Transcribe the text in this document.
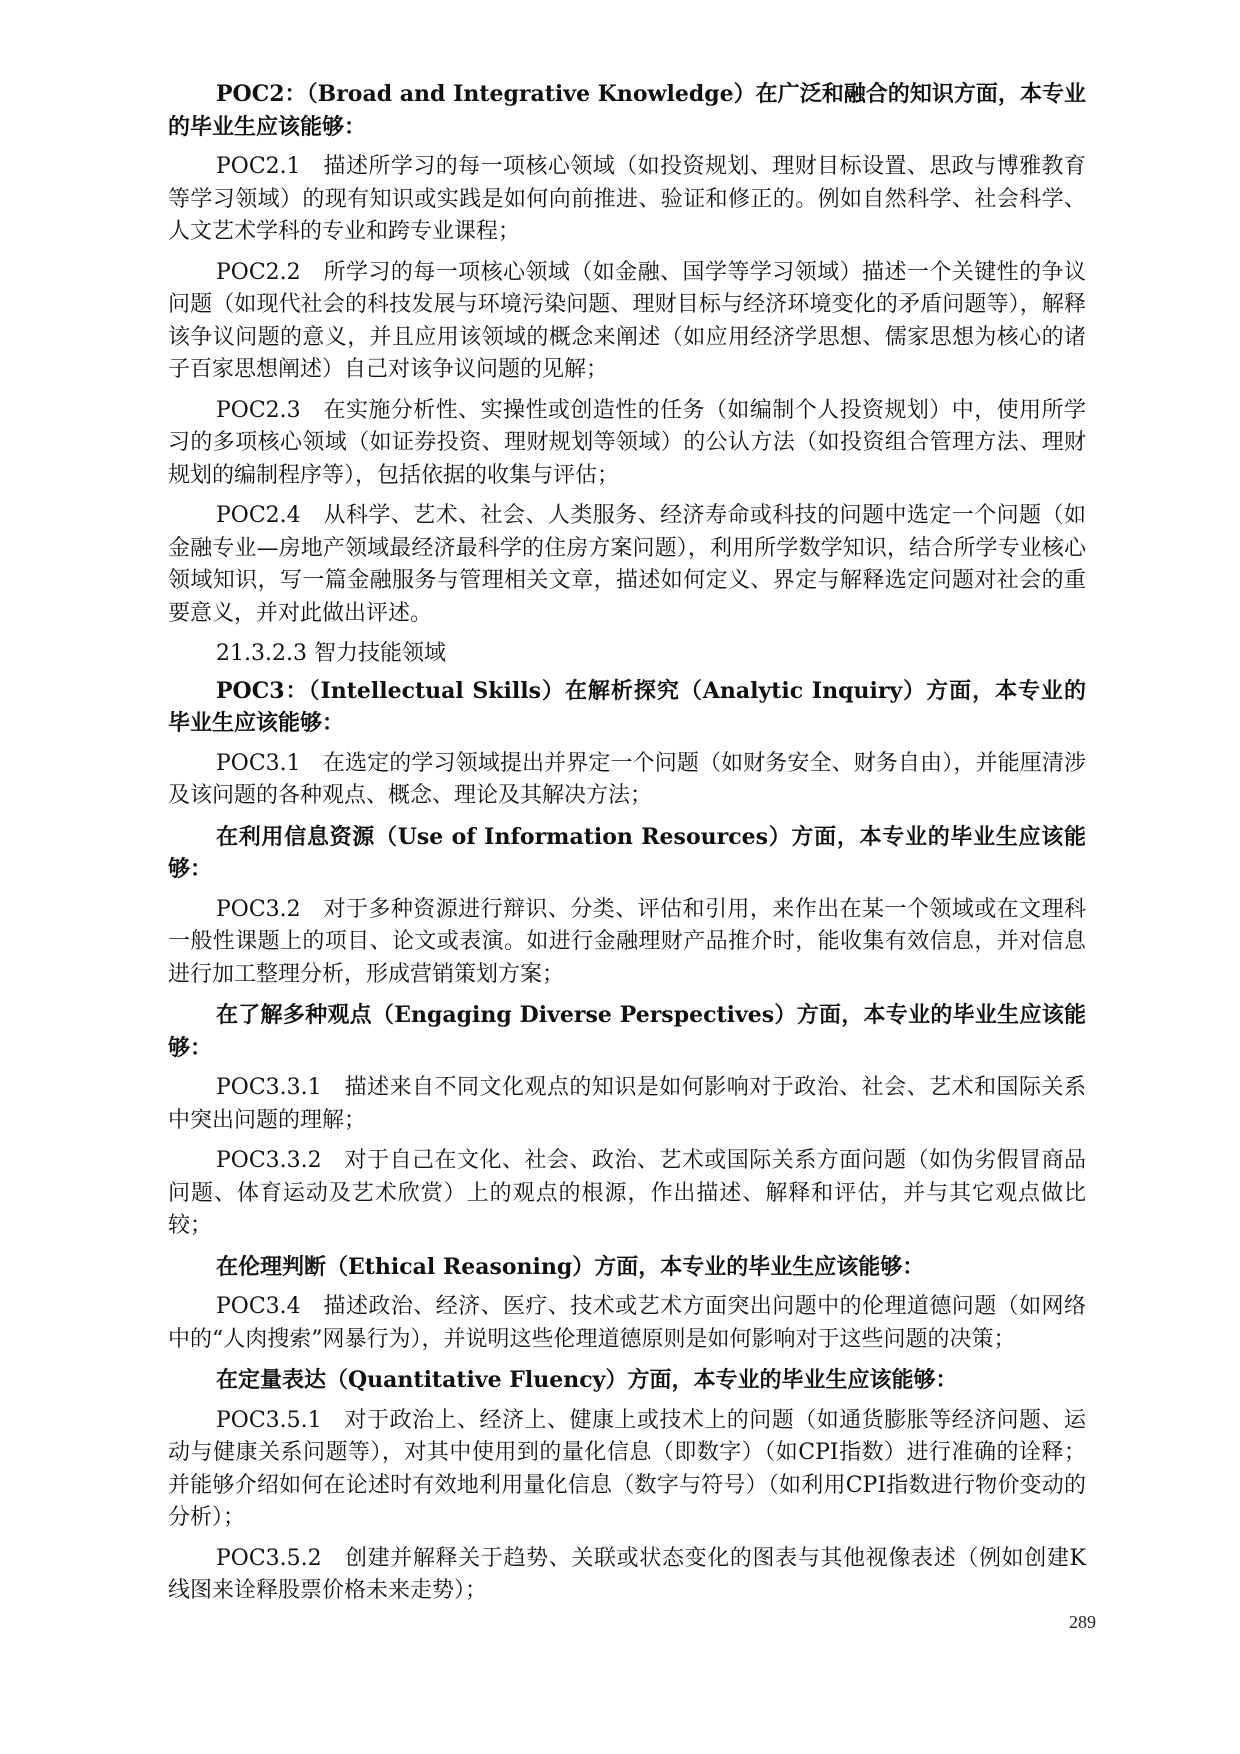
POC2：（Broad and Integrative Knowledge）在广泛和融合的知识方面，本专业的毕业生应该能够：

POC2.1　描述所学习的每一项核心领域（如投资规划、理财目标设置、思政与博雅教育等学习领域）的现有知识或实践是如何向前推进、验证和修正的。例如自然科学、社会科学、人文艺术学科的专业和跨专业课程；

POC2.2　所学习的每一项核心领域（如金融、国学等学习领域）描述一个关键性的争议问题（如现代社会的科技发展与环境污染问题、理财目标与经济环境变化的矛盾问题等），解释该争议问题的意义，并且应用该领域的概念来阐述（如应用经济学思想、儒家思想为核心的诸子百家思想阐述）自己对该争议问题的见解；

POC2.3　在实施分析性、实操性或创造性的任务（如编制个人投资规划）中，使用所学习的多项核心领域（如证券投资、理财规划等领域）的公认方法（如投资组合管理方法、理财规划的编制程序等），包括依据的收集与评估；

POC2.4　从科学、艺术、社会、人类服务、经济寿命或科技的问题中选定一个问题（如金融专业—房地产领域最经济最科学的住房方案问题），利用所学数学知识，结合所学专业核心领域知识，写一篇金融服务与管理相关文章，描述如何定义、界定与解释选定问题对社会的重要意义，并对此做出评述。

21.3.2.3 智力技能领域

POC3：（Intellectual Skills）在解析探究（Analytic Inquiry）方面，本专业的毕业生应该能够：

POC3.1　在选定的学习领域提出并界定一个问题（如财务安全、财务自由），并能厘清涉及该问题的各种观点、概念、理论及其解决方法；

在利用信息资源（Use of Information Resources）方面，本专业的毕业生应该能够：

POC3.2　对于多种资源进行辩识、分类、评估和引用，来作出在某一个领域或在文理科一般性课题上的项目、论文或表演。如进行金融理财产品推介时，能收集有效信息，并对信息进行加工整理分析，形成营销策划方案；

在了解多种观点（Engaging Diverse Perspectives）方面，本专业的毕业生应该能够：

POC3.3.1　描述来自不同文化观点的知识是如何影响对于政治、社会、艺术和国际关系中突出问题的理解；

POC3.3.2　对于自己在文化、社会、政治、艺术或国际关系方面问题（如伪劣假冒商品问题、体育运动及艺术欣赏）上的观点的根源，作出描述、解释和评估，并与其它观点做比较；

在伦理判断（Ethical Reasoning）方面，本专业的毕业生应该能够：

POC3.4　描述政治、经济、医疗、技术或艺术方面突出问题中的伦理道德问题（如网络中的“人肉搜索”网暴行为），并说明这些伦理道德原则是如何影响对于这些问题的决策；

在定量表达（Quantitative Fluency）方面，本专业的毕业生应该能够：

POC3.5.1　对于政治上、经济上、健康上或技术上的问题（如通货膨胀等经济问题、运动与健康关系问题等），对其中使用到的量化信息（即数字）（如CPI指数）进行准确的诠释；并能够介绍如何在论述时有效地利用量化信息（数字与符号）（如利用CPI指数进行物价变动的分析）；

POC3.5.2　创建并解释关于趋势、关联或状态变化的图表与其他视像表述（例如创建K线图来诠释股票价格未来走势）；

289
